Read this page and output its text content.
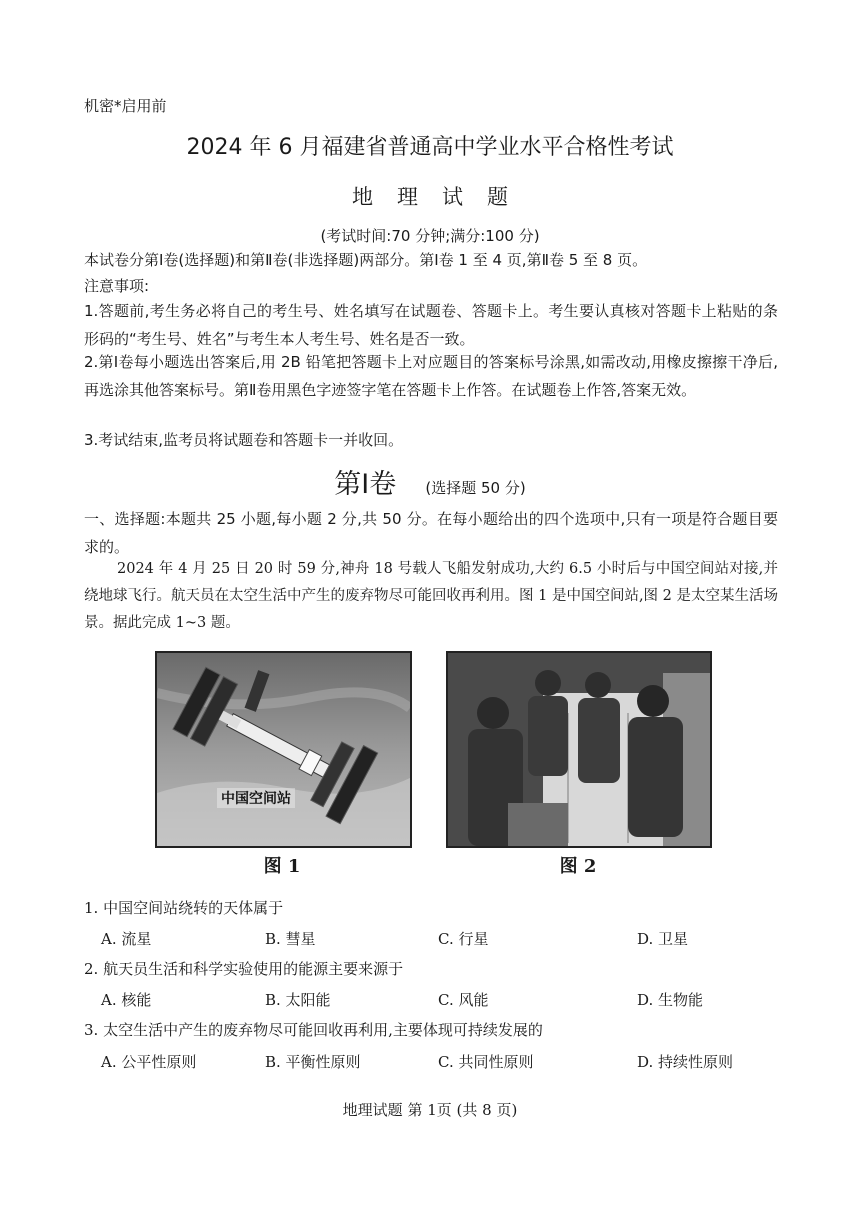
机密*启用前
2024 年 6 月福建省普通高中学业水平合格性考试
地理试题
(考试时间:70 分钟;满分:100 分)
本试卷分第Ⅰ卷(选择题)和第Ⅱ卷(非选择题)两部分。第Ⅰ卷 1 至 4 页,第Ⅱ卷 5 至 8 页。
注意事项:
1.答题前,考生务必将自己的考生号、姓名填写在试题卷、答题卡上。考生要认真核对答题卡上粘贴的条形码的“考生号、姓名”与考生本人考生号、姓名是否一致。
2.第Ⅰ卷每小题选出答案后,用 2B 铅笔把答题卡上对应题目的答案标号涂黑,如需改动,用橡皮擦擦干净后,再选涂其他答案标号。第Ⅱ卷用黑色字迹签字笔在答题卡上作答。在试题卷上作答,答案无效。
3.考试结束,监考员将试题卷和答题卡一并收回。
第Ⅰ卷 (选择题 50 分)
一、选择题:本题共 25 小题,每小题 2 分,共 50 分。在每小题给出的四个选项中,只有一项是符合题目要求的。
2024 年 4 月 25 日 20 时 59 分,神舟 18 号载人飞船发射成功,大约 6.5 小时后与中国空间站对接,并绕地球飞行。航天员在太空生活中产生的废弃物尽可能回收再利用。图 1 是中国空间站,图 2 是太空某生活场景。据此完成 1~3 题。
中国空间站
图 1	图 2
1. 中国空间站绕转的天体属于
A. 流星	B. 彗星	C. 行星	D. 卫星
2. 航天员生活和科学实验使用的能源主要来源于
A. 核能	B. 太阳能	C. 风能	D. 生物能
3. 太空生活中产生的废弃物尽可能回收再利用,主要体现可持续发展的
A. 公平性原则	B. 平衡性原则	C. 共同性原则	D. 持续性原则
地理试题 第 1页 (共 8 页)
